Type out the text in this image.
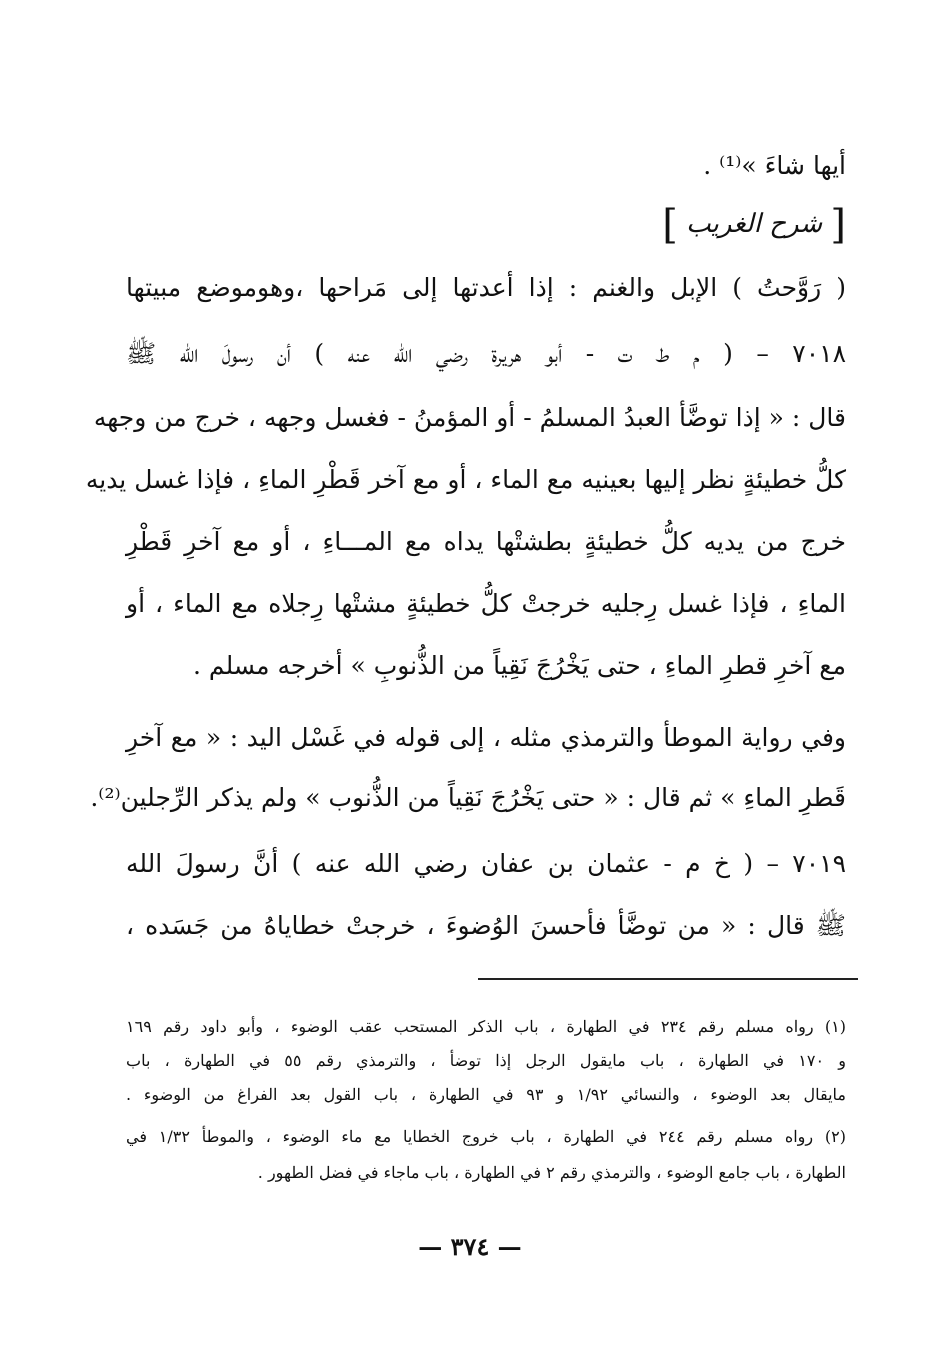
أيها شاءَ »⁽¹⁾ .
[ شرح الغريب ]
( رَوَّحتُ ) الإبل والغنم : إذا أعدتها إلى مَراحها ،وهوموضع مبيتها
٧٠١٨ – ( م ط ت - أبو هريرة رضي الله عنه ) أن رسولَ الله ﷺ
قال : « إذا توضَّأ العبدُ المسلمُ - أو المؤمنُ - فغسل وجهه ، خرج من وجهه
كلُّ خطيئةٍ نظر إليها بعينيه مع الماء ، أو مع آخر قَطْرِ الماءِ ، فإذا غسل يديه
خرج من يديه كلُّ خطيئةٍ بطشتْها يداه مع المـــاءِ ، أو مع آخرِ قَطْرِ
الماءِ ، فإذا غسل رِجليه خرجتْ كلُّ خطيئةٍ مشتْها رِجلاه مع الماء ، أو
مع آخرِ قطرِ الماءِ ، حتى يَخْرُجَ نَقِياً من الذُّنوبِ » أخرجه مسلم .
وفي رواية الموطأ والترمذي مثله ، إلى قوله في غَسْل اليد : « مع آخرِ
قَطرِ الماءِ » ثم قال : « حتى يَخْرُجَ نَقِياً من الذُّنوب » ولم يذكر الرِّجلين⁽²⁾.
٧٠١٩ – ( خ م - عثمان بن عفان رضي الله عنه ) أنَّ رسولَ الله
ﷺ قال : « من توضَّأ فأحسنَ الوُضوءَ ، خرجتْ خطاياهُ من جَسَده ،
(١) رواه مسلم رقم ٢٣٤ في الطهارة ، باب الذكر المستحب عقب الوضوء ، وأبو داود رقم ١٦٩
و ١٧٠ في الطهارة ، باب مايقول الرجل إذا توضأ ، والترمذي رقم ٥٥ في الطهارة ، باب
مايقال بعد الوضوء ، والنسائي ١/٩٢ و ٩٣ في الطهارة ، باب القول بعد الفراغ من الوضوء .
(٢) رواه مسلم رقم ٢٤٤ في الطهارة ، باب خروج الخطايا مع ماء الوضوء ، والموطأ ١/٣٢ في
الطهارة ، باب جامع الوضوء ، والترمذي رقم ٢ في الطهارة ، باب ماجاء في فضل الطهور .
— ٣٧٤ —
